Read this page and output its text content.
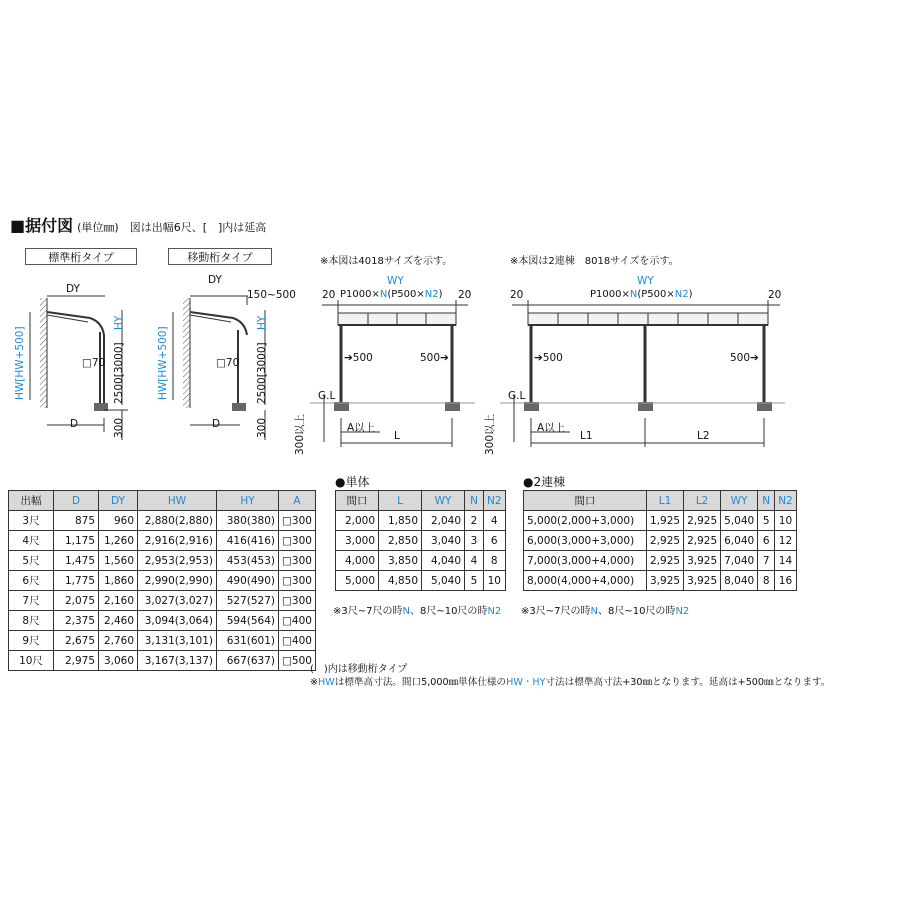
■据付図 (単位㎜)　図は出幅6尺、[　]内は延高
標準桁タイプ	移動桁タイプ	※本図は4018サイズを示す。	※本図は2連棟　8018サイズを示す。
DY
D
□70
HY
HW[HW+500]	2500[3000]
300
DY
150~500
D
□70
HY
HW[HW+500]	2500[3000]
300
WY
20	20
P1000×N(P500×N2)
➔500	500➔
G.L
A以上
L
300以上
WY
20	20
P1000×N(P500×N2)
➔500	500➔
G.L
A以上
L1	L2
300以上
出幅	D	DY	HW	HY	A
3尺	875	960	2,880(2,880)	380(380)	□300
4尺	1,175	1,260	2,916(2,916)	416(416)	□300
5尺	1,475	1,560	2,953(2,953)	453(453)	□300
6尺	1,775	1,860	2,990(2,990)	490(490)	□300
7尺	2,075	2,160	3,027(3,027)	527(527)	□300
8尺	2,375	2,460	3,094(3,064)	594(564)	□400
9尺	2,675	2,760	3,131(3,101)	631(601)	□400
10尺	2,975	3,060	3,167(3,137)	667(637)	□500
●単体
間口	L	WY	N	N2
2,000	1,850	2,040	2	4
3,000	2,850	3,040	3	6
4,000	3,850	4,040	4	8
5,000	4,850	5,040	5	10
※3尺~7尺の時N、8尺~10尺の時N2
●2連棟
間口	L1	L2	WY	N	N2
5,000(2,000+3,000)	1,925	2,925	5,040	5	10
6,000(3,000+3,000)	2,925	2,925	6,040	6	12
7,000(3,000+4,000)	2,925	3,925	7,040	7	14
8,000(4,000+4,000)	3,925	3,925	8,040	8	16
※3尺~7尺の時N、8尺~10尺の時N2
(　)内は移動桁タイプ
※HWは標準高寸法。間口5,000㎜単体仕様のHW・HY寸法は標準高寸法+30㎜となります。延高は+500㎜となります。
